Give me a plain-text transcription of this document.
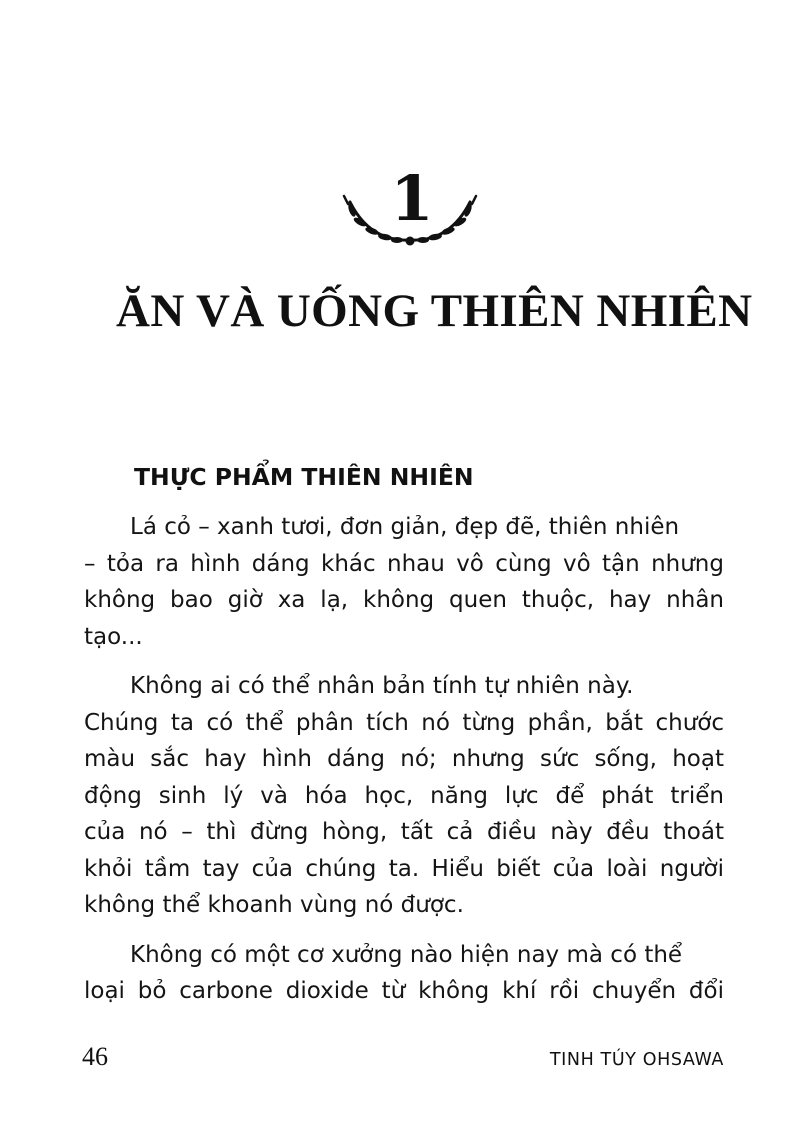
1
ĂN VÀ UỐNG THIÊN NHIÊN
THỰC PHẨM THIÊN NHIÊN
Lá cỏ – xanh tươi, đơn giản, đẹp đẽ, thiên nhiên
– tỏa ra hình dáng khác nhau vô cùng vô tận nhưng
không bao giờ xa lạ, không quen thuộc, hay nhân
tạo...
Không ai có thể nhân bản tính tự nhiên này.
Chúng ta có thể phân tích nó từng phần, bắt chước
màu sắc hay hình dáng nó; nhưng sức sống, hoạt
động sinh lý và hóa học, năng lực để phát triển
của nó – thì đừng hòng, tất cả điều này đều thoát
khỏi tầm tay của chúng ta. Hiểu biết của loài người
không thể khoanh vùng nó được.
Không có một cơ xưởng nào hiện nay mà có thể
loại bỏ carbone dioxide từ không khí rồi chuyển đổi
46	TINH TÚY OHSAWA
